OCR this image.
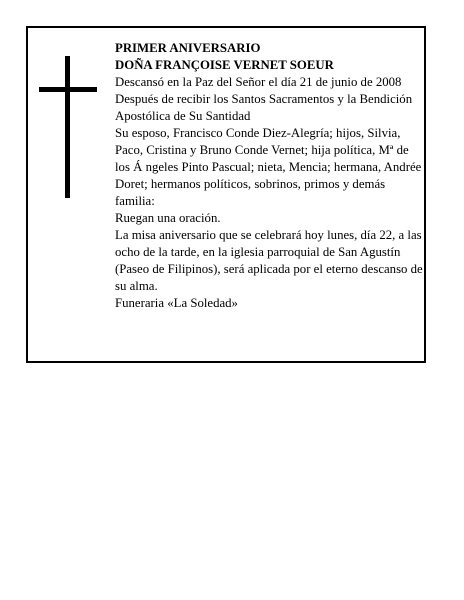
PRIMER ANIVERSARIO
DOÑA FRANÇOISE VERNET SOEUR
Descansó en la Paz del Señor el día 21 de junio de 2008
Después de recibir los Santos Sacramentos y la Bendición Apostólica de Su Santidad
Su esposo, Francisco Conde Diez-Alegría; hijos, Silvia, Paco, Cristina y Bruno Conde Vernet; hija política, Mª de los Á ngeles Pinto Pascual; nieta, Mencia; hermana, Andrée Doret; hermanos políticos, sobrinos, primos y demás familia:
Ruegan una oración.
La misa aniversario que se celebrará hoy lunes, día 22, a las ocho de la tarde, en la iglesia parroquial de San Agustín (Paseo de Filipinos), será aplicada por el eterno descanso de su alma.
Funeraria «La Soledad»
